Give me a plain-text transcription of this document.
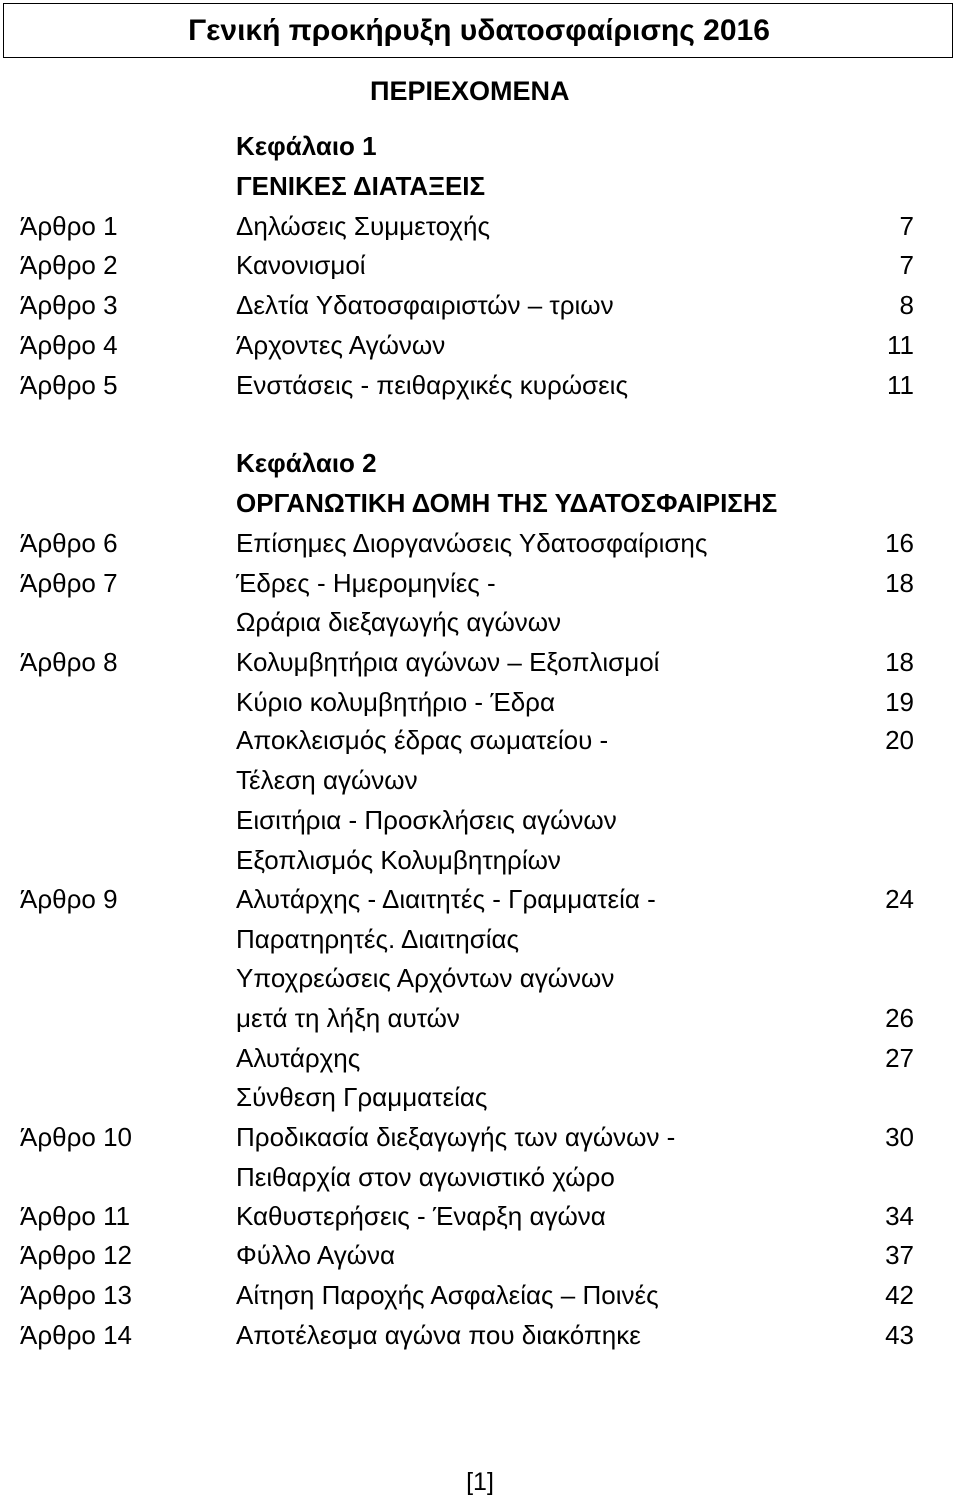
Γενική προκήρυξη υδατοσφαίρισης 2016
ΠΕΡΙΕΧΟΜΕΝΑ
Κεφάλαιο 1
ΓΕΝΙΚΕΣ ΔΙΑΤΑΞΕΙΣ
Άρθρο 1	Δηλώσεις Συμμετοχής	7
Άρθρο 2	Κανονισμοί	7
Άρθρο 3	Δελτία Υδατοσφαιριστών – τριων	8
Άρθρο 4	Άρχοντες Αγώνων	11
Άρθρο 5	Ενστάσεις - πειθαρχικές κυρώσεις	11
Κεφάλαιο 2
ΟΡΓΑΝΩΤΙΚΗ ΔΟΜΗ ΤΗΣ ΥΔΑΤΟΣΦΑΙΡΙΣΗΣ
Άρθρο 6	Επίσημες Διοργανώσεις Υδατοσφαίρισης	16
Άρθρο 7	Έδρες - Ημερομηνίες -	18
Ωράρια διεξαγωγής αγώνων
Άρθρο 8	Κολυμβητήρια αγώνων – Εξοπλισμοί	18
Κύριο κολυμβητήριο - Έδρα	19
Αποκλεισμός έδρας σωματείου -	20
Τέλεση αγώνων
Εισιτήρια - Προσκλήσεις αγώνων
Εξοπλισμός Κολυμβητηρίων
Άρθρο 9	Αλυτάρχης - Διαιτητές - Γραμματεία -	24
Παρατηρητές. Διαιτησίας
Υποχρεώσεις Αρχόντων αγώνων
μετά τη λήξη αυτών	26
Αλυτάρχης	27
Σύνθεση Γραμματείας
Άρθρο 10	Προδικασία διεξαγωγής των αγώνων -	30
Πειθαρχία στον αγωνιστικό χώρο
Άρθρο 11	Καθυστερήσεις - Έναρξη αγώνα	34
Άρθρο 12	Φύλλο Αγώνα	37
Άρθρο 13	Αίτηση Παροχής Ασφαλείας – Ποινές	42
Άρθρο 14	Αποτέλεσμα αγώνα που διακόπηκε	43
[1]
